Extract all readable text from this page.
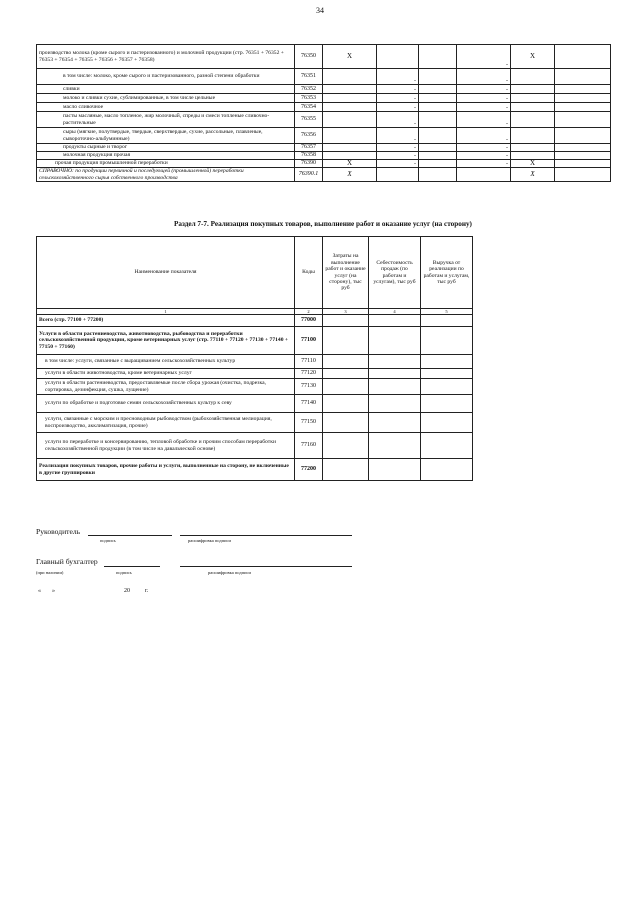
34
производство молока (кроме сырого и пастеризованного) и молочной продукции (стр. 76351 + 76352 + 76353 + 76354 + 76355 + 76356 + 76357 + 76358)	76350	X			-	X		
в том числе: молоко, кроме сырого и пастеризованного, разной степени обработки	76351		-		-			
сливки	76352		-		-			
молоко и сливки сухие, сублимированные, в том числе цельные	76353		-		-			
масло сливочное	76354		-		-			
пасты масляные, масло топленое, жир молочный, спреды и смеси топленые сливочно-растительные	76355		-		-			
сыры (мягкие, полутвердые, твердые, сверхтвердые, сухие, рассольные, плавленые, сывороточно-альбуминные)	76356		-		-			
продукты сырные и творог	76357		-		-			
молочная продукция прочая	76358		-		-			
прочая продукция промышленной переработки	76390	X	-		-	X		
СПРАВОЧНО: по продукции первичной и последующей (промышленной) переработки сельскохозяйственного сырья собственного производства	76390.1	X				X		
Раздел 7-7. Реализация покупных товаров, выполнение работ и оказание услуг (на сторону)
Наименование показателя	Коды	Затраты на выполнение работ и оказание услуг (на сторону), тыс руб	Себестоимость продаж (по работам и услугам), тыс руб	Выручка от реализации по работам и услугам, тыс руб
1	2	3	4	5
Всего (стр. 77100 + 77200)	77000			
Услуги в области растениеводства, животноводства, рыбоводства и переработки сельскохозяйственной продукции, кроме ветеринарных услуг (стр. 77110 + 77120 + 77130 + 77140 + 77150 + 77160)	77100			
в том числе: услуги, связанные с выращиванием сельскохозяйственных культур	77110			
услуги в области животноводства, кроме ветеринарных услуг	77120			
услуги в области растениеводства, предоставляемые после сбора урожая (очистка, подрезка, сортировка, дезинфекция, сушка, лущение)	77130			
услуги по обработке и подготовке семян сельскохозяйственных культур к севу	77140			
услуги, связанные с морским и пресноводным рыбоводством (рыбохозяйственная мелиорация, воспроизводство, акклиматизация, прочие)	77150			
услуги по переработке и консервированию, тепловой обработке и прочим способам переработки сельскохозяйственной продукции (в том числе на давальческой основе)	77160			
Реализация покупных товаров, прочие работы и услуги, выполненные на сторону, не включенные в другие группировки	77200			
Руководитель
подпись	расшифровка подписи
Главный бухгалтер
(при наличии)	подпись	расшифровка подписи
« »	20	г.
